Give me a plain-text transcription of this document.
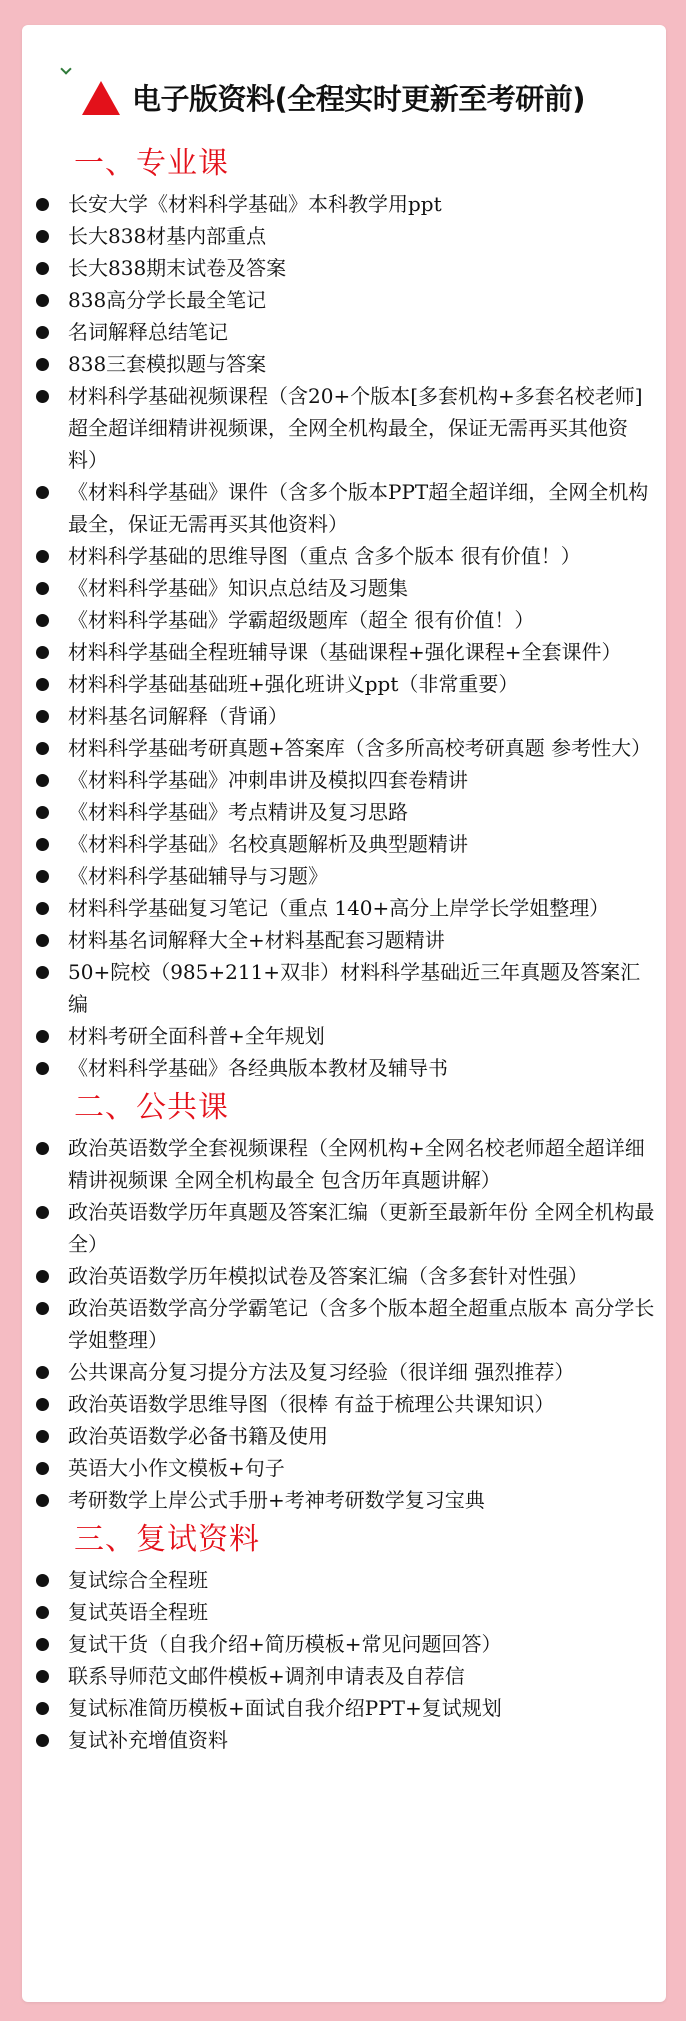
电子版资料(全程实时更新至考研前)
一、专业课
长安大学《材料科学基础》本科教学用ppt
长大838材基内部重点
长大838期末试卷及答案
838高分学长最全笔记
名词解释总结笔记
838三套模拟题与答案
材料科学基础视频课程（含20+个版本[多套机构+多套名校老师]超全超详细精讲视频课，全网全机构最全，保证无需再买其他资料）
《材料科学基础》课件（含多个版本PPT超全超详细，全网全机构最全，保证无需再买其他资料）
材料科学基础的思维导图（重点 含多个版本 很有价值！）
《材料科学基础》知识点总结及习题集
《材料科学基础》学霸超级题库（超全 很有价值！）
材料科学基础全程班辅导课（基础课程+强化课程+全套课件）
材料科学基础基础班+强化班讲义ppt（非常重要）
材料基名词解释（背诵）
材料科学基础考研真题+答案库（含多所高校考研真题 参考性大）
《材料科学基础》冲刺串讲及模拟四套卷精讲
《材料科学基础》考点精讲及复习思路
《材料科学基础》名校真题解析及典型题精讲
《材料科学基础辅导与习题》
材料科学基础复习笔记（重点 140+高分上岸学长学姐整理）
材料基名词解释大全+材料基配套习题精讲
50+院校（985+211+双非）材料科学基础近三年真题及答案汇编
材料考研全面科普+全年规划
《材料科学基础》各经典版本教材及辅导书
二、公共课
政治英语数学全套视频课程（全网机构+全网名校老师超全超详细精讲视频课 全网全机构最全 包含历年真题讲解）
政治英语数学历年真题及答案汇编（更新至最新年份 全网全机构最全）
政治英语数学历年模拟试卷及答案汇编（含多套针对性强）
政治英语数学高分学霸笔记（含多个版本超全超重点版本 高分学长学姐整理）
公共课高分复习提分方法及复习经验（很详细 强烈推荐）
政治英语数学思维导图（很棒 有益于梳理公共课知识）
政治英语数学必备书籍及使用
英语大小作文模板+句子
考研数学上岸公式手册+考神考研数学复习宝典
三、复试资料
复试综合全程班
复试英语全程班
复试干货（自我介绍+简历模板+常见问题回答）
联系导师范文邮件模板+调剂申请表及自荐信
复试标准简历模板+面试自我介绍PPT+复试规划
复试补充增值资料
